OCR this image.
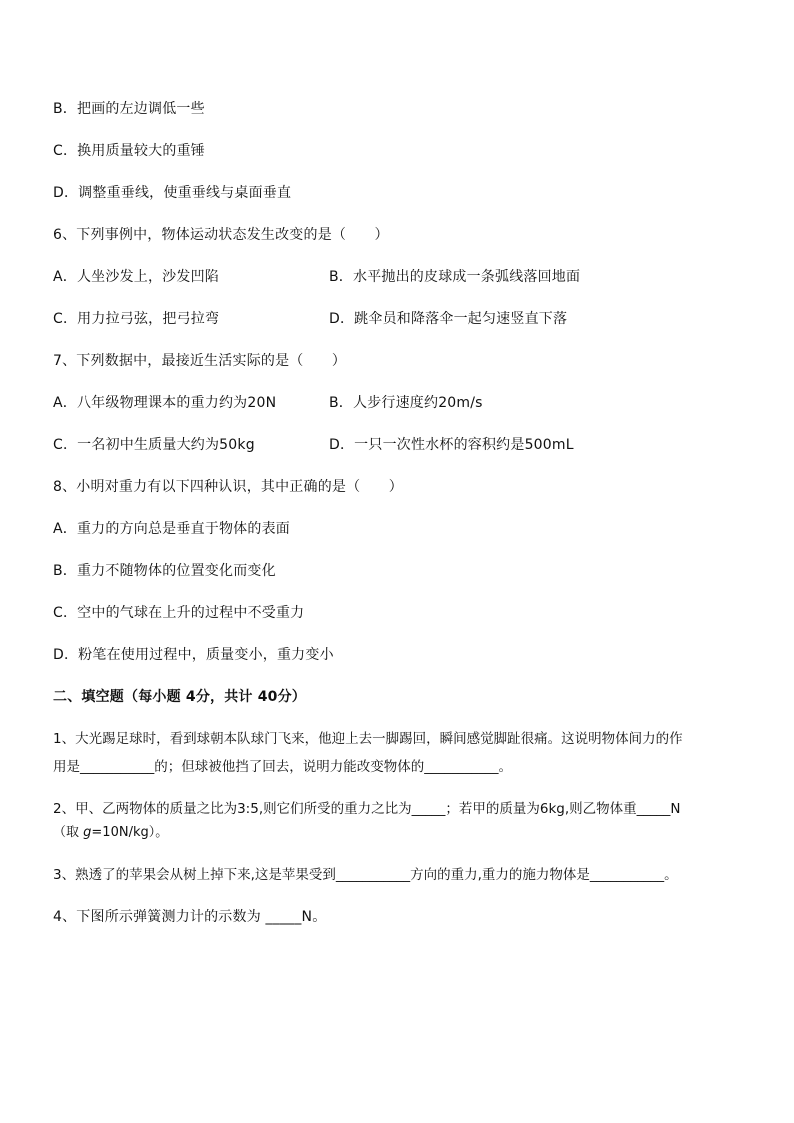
B．把画的左边调低一些
C．换用质量较大的重锤
D．调整重垂线，使重垂线与桌面垂直
6、下列事例中，物体运动状态发生改变的是（　　）
A．人坐沙发上，沙发凹陷	B．水平抛出的皮球成一条弧线落回地面
C．用力拉弓弦，把弓拉弯	D．跳伞员和降落伞一起匀速竖直下落
7、下列数据中，最接近生活实际的是（　　）
A．八年级物理课本的重力约为20N	B．人步行速度约20m/s
C．一名初中生质量大约为50kg	D．一只一次性水杯的容积约是500mL
8、小明对重力有以下四种认识，其中正确的是（　　）
A．重力的方向总是垂直于物体的表面
B．重力不随物体的位置变化而变化
C．空中的气球在上升的过程中不受重力
D．粉笔在使用过程中，质量变小，重力变小
二、填空题（每小题 4分，共计 40分）
1、大光踢足球时，看到球朝本队球门飞来，他迎上去一脚踢回，瞬间感觉脚趾很痛。这说明物体间力的作
用是___________的；但球被他挡了回去，说明力能改变物体的___________。
2、甲、乙两物体的质量之比为3:5,则它们所受的重力之比为_____；若甲的质量为6kg,则乙物体重_____N
（取 g=10N/kg）。
3、熟透了的苹果会从树上掉下来,这是苹果受到___________方向的重力,重力的施力物体是___________。
4、下图所示弹簧测力计的示数为 _____N。
